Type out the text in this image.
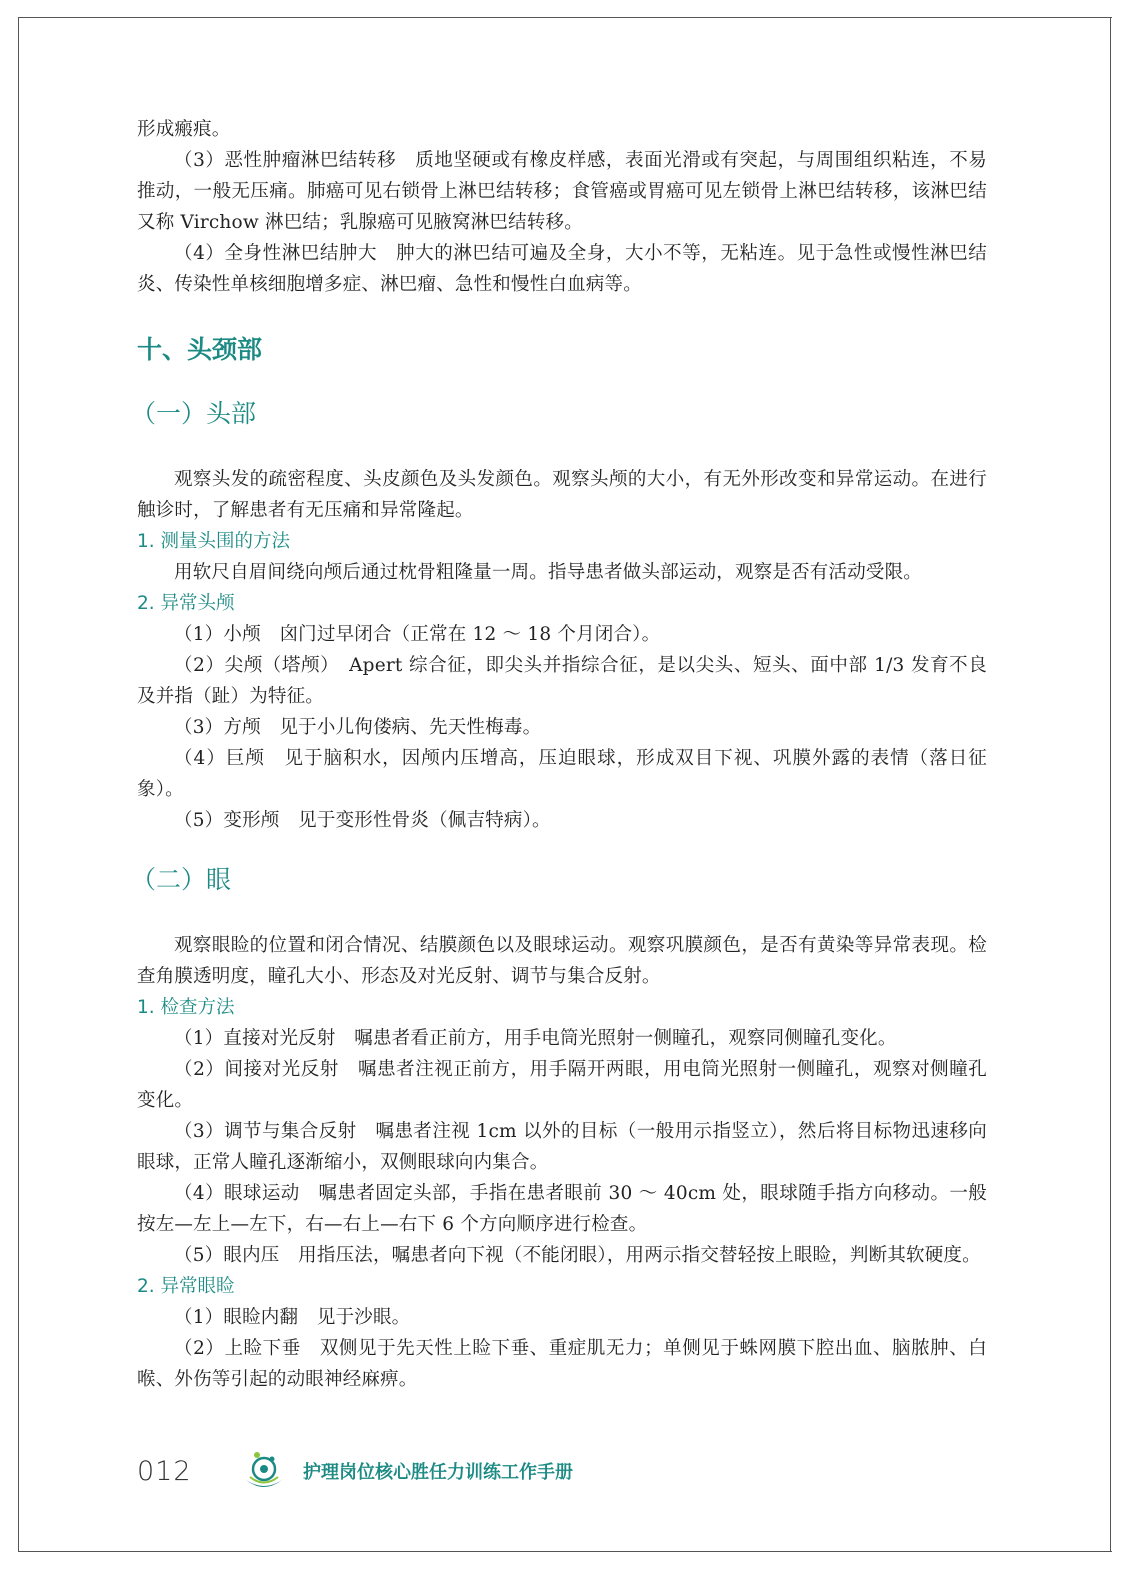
形成瘢痕。

（3）恶性肿瘤淋巴结转移　质地坚硬或有橡皮样感，表面光滑或有突起，与周围组织粘连，不易推动，一般无压痛。肺癌可见右锁骨上淋巴结转移；食管癌或胃癌可见左锁骨上淋巴结转移，该淋巴结又称 Virchow 淋巴结；乳腺癌可见腋窝淋巴结转移。

（4）全身性淋巴结肿大　肿大的淋巴结可遍及全身，大小不等，无粘连。见于急性或慢性淋巴结炎、传染性单核细胞增多症、淋巴瘤、急性和慢性白血病等。

十、头颈部
（一）头部

观察头发的疏密程度、头皮颜色及头发颜色。观察头颅的大小，有无外形改变和异常运动。在进行触诊时，了解患者有无压痛和异常隆起。

1. 测量头围的方法

用软尺自眉间绕向颅后通过枕骨粗隆量一周。指导患者做头部运动，观察是否有活动受限。

2. 异常头颅

（1）小颅　囟门过早闭合（正常在 12 ～ 18 个月闭合）。

（2）尖颅（塔颅）　Apert 综合征，即尖头并指综合征，是以尖头、短头、面中部 1/3 发育不良及并指（趾）为特征。

（3）方颅　见于小儿佝偻病、先天性梅毒。

（4）巨颅　见于脑积水，因颅内压增高，压迫眼球，形成双目下视、巩膜外露的表情（落日征象）。

（5）变形颅　见于变形性骨炎（佩吉特病）。

（二）眼

观察眼睑的位置和闭合情况、结膜颜色以及眼球运动。观察巩膜颜色，是否有黄染等异常表现。检查角膜透明度，瞳孔大小、形态及对光反射、调节与集合反射。

1. 检查方法

（1）直接对光反射　嘱患者看正前方，用手电筒光照射一侧瞳孔，观察同侧瞳孔变化。

（2）间接对光反射　嘱患者注视正前方，用手隔开两眼，用电筒光照射一侧瞳孔，观察对侧瞳孔变化。

（3）调节与集合反射　嘱患者注视 1cm 以外的目标（一般用示指竖立），然后将目标物迅速移向眼球，正常人瞳孔逐渐缩小，双侧眼球向内集合。

（4）眼球运动　嘱患者固定头部，手指在患者眼前 30 ～ 40cm 处，眼球随手指方向移动。一般按左—左上—左下，右—右上—右下 6 个方向顺序进行检查。

（5）眼内压　用指压法，嘱患者向下视（不能闭眼），用两示指交替轻按上眼睑，判断其软硬度。

2. 异常眼睑

（1）眼睑内翻　见于沙眼。

（2）上睑下垂　双侧见于先天性上睑下垂、重症肌无力；单侧见于蛛网膜下腔出血、脑脓肿、白喉、外伤等引起的动眼神经麻痹。

012	护理岗位核心胜任力训练工作手册
